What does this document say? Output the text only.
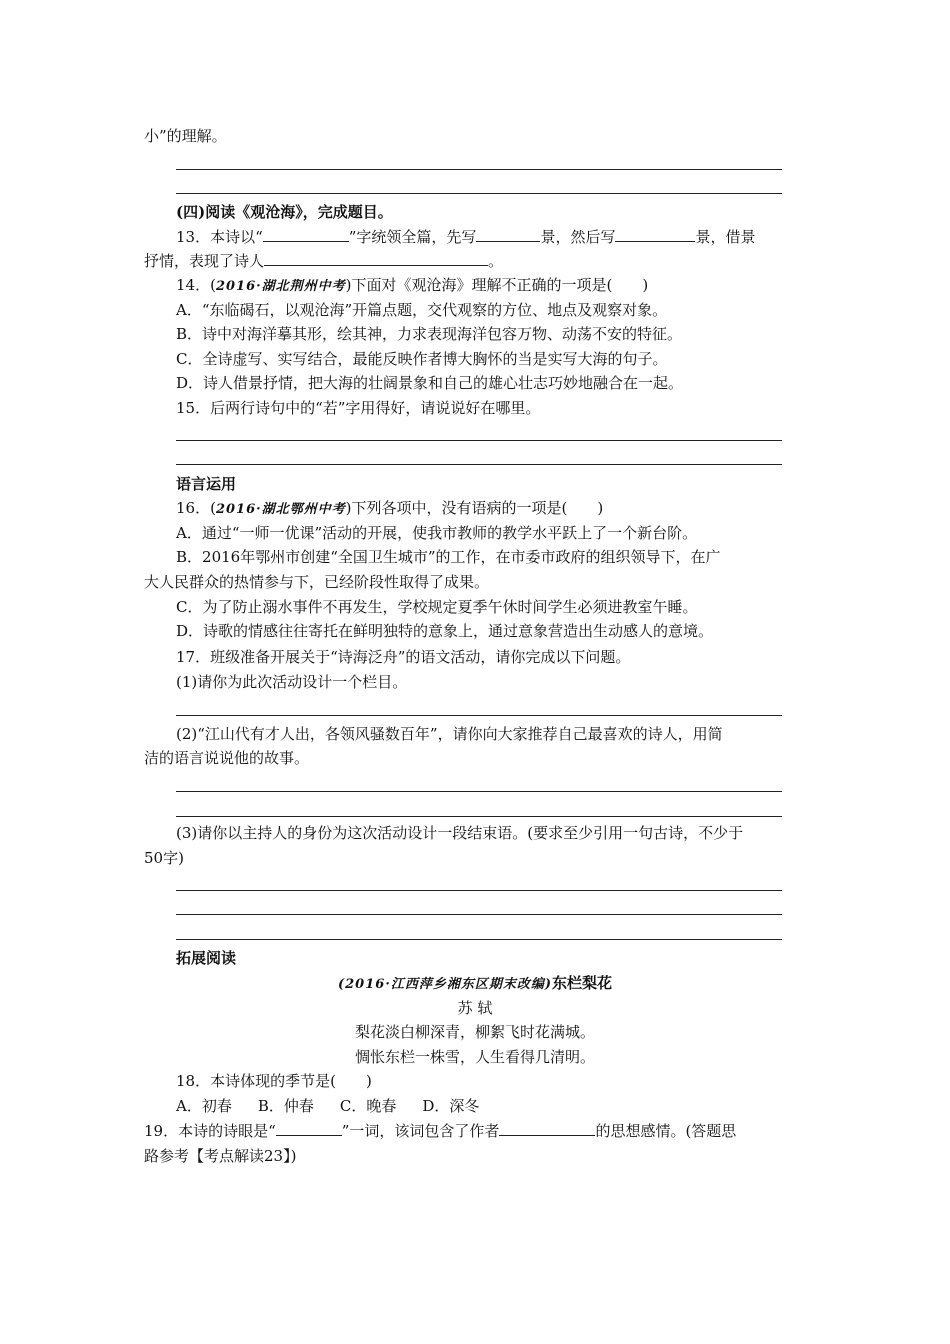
小”的理解。
(四)阅读《观沧海》，完成题目。
13．本诗以“	”字统领全篇，先写	景，然后写	景，借景
抒情，表现了诗人	。
14．(2016·湖北荆州中考)下面对《观沧海》理解不正确的一项是(　　)
A．“东临碣石，以观沧海”开篇点题，交代观察的方位、地点及观察对象。
B．诗中对海洋摹其形，绘其神，力求表现海洋包容万物、动荡不安的特征。
C．全诗虚写、实写结合，最能反映作者博大胸怀的当是实写大海的句子。
D．诗人借景抒情，把大海的壮阔景象和自己的雄心壮志巧妙地融合在一起。
15．后两行诗句中的“若”字用得好，请说说好在哪里。
语言运用
16．(2016·湖北鄂州中考)下列各项中，没有语病的一项是(　　)
A．通过“一师一优课”活动的开展，使我市教师的教学水平跃上了一个新台阶。
B．2016年鄂州市创建“全国卫生城市”的工作，在市委市政府的组织领导下，在广
大人民群众的热情参与下，已经阶段性取得了成果。
C．为了防止溺水事件不再发生，学校规定夏季午休时间学生必须进教室午睡。
D．诗歌的情感往往寄托在鲜明独特的意象上，通过意象营造出生动感人的意境。
17．班级准备开展关于“诗海泛舟”的语文活动，请你完成以下问题。
(1)请你为此次活动设计一个栏目。
(2)“江山代有才人出，各领风骚数百年”，请你向大家推荐自己最喜欢的诗人，用简
洁的语言说说他的故事。
(3)请你以主持人的身份为这次活动设计一段结束语。(要求至少引用一句古诗，不少于
50字)
拓展阅读
(2016·江西萍乡湘东区期末改编)东栏梨花
苏 轼
梨花淡白柳深青，柳絮飞时花满城。
惆怅东栏一株雪，人生看得几清明。
18．本诗体现的季节是(　　)
A．初春 B．仲春 C．晚春 D．深冬
19．本诗的诗眼是“	”一词，该词包含了作者	的思想感情。(答题思
路参考【考点解读23】)
